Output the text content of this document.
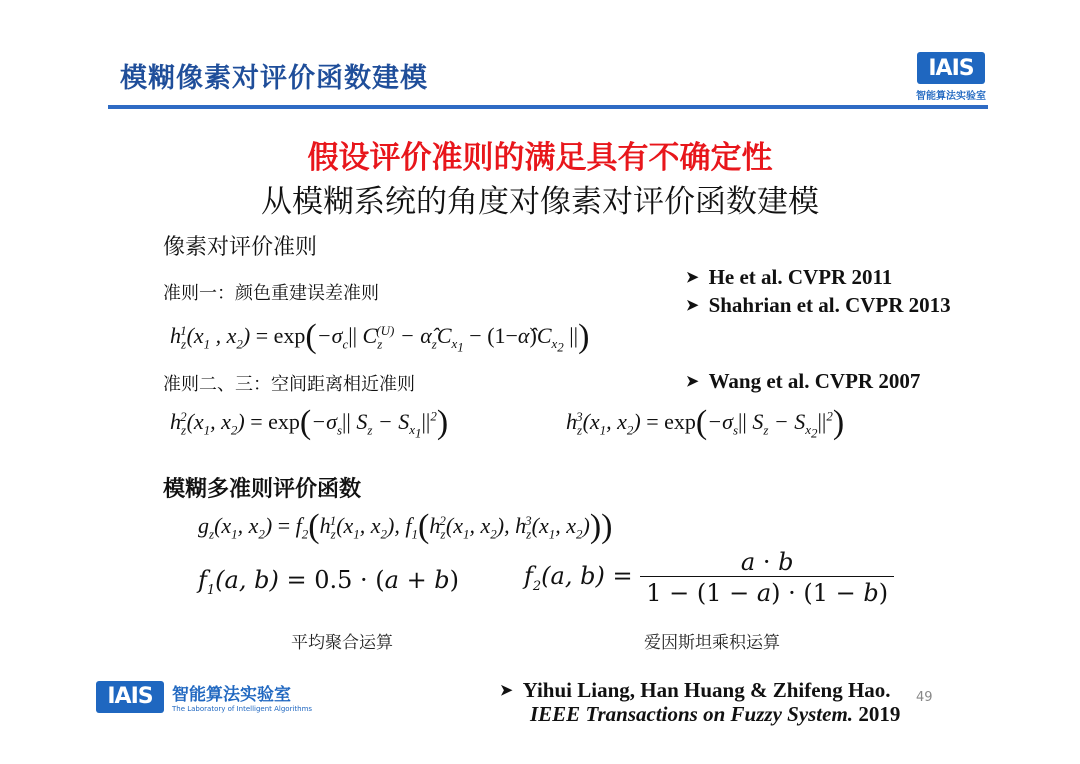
模糊像素对评价函数建模	IAIS
智能算法实验室
假设评价准则的满足具有不确定性
从模糊系统的角度对像素对评价函数建模
像素对评价准则
准则一：颜色重建误差准则
$h_z^1(x_1$ , $x_2) = \exp(-\sigma_c||$ $C_z^{(U)}$ − $\alphâ_zC_{x_1}$ − $(1-\alphâ)C_{x_2}$ ||)
准则二、三：空间距离相近准则
$h_z^2(x_1$, $x_2) = \exp(-\sigma_s||$ $S_z - S_{x_1}||^2$)	$h_z^3(x_1$, $x_2) = \exp(-\sigma_s||$ $S_z - S_{x_2}||^2$)
➤ He et al. CVPR 2011
➤ Shahrian et al. CVPR 2013
➤ Wang et al. CVPR 2007
模糊多准则评价函数
$g_z(x_1$, $x_2) = f_2(h_z^1(x_1$, $x_2$), $f_1(h_z^2(x_1$, $x_2$), $h_z^3(x_1$, $x_2$)))
$f_1(a$, b) = 0.5 · (a + b)	$f_2(a$, $b) = \frac{a \cdot b}{1 - (1 - a) \cdot (1 - b)}$
平均聚合运算	爱因斯坦乘积运算
➤ Yihui Liang, Han Huang & Zhifeng Hao.
IEEE Transactions on Fuzzy System. 2019
IAIS	智能算法实验室
The Laboratory of Intelligent Algorithms
49
